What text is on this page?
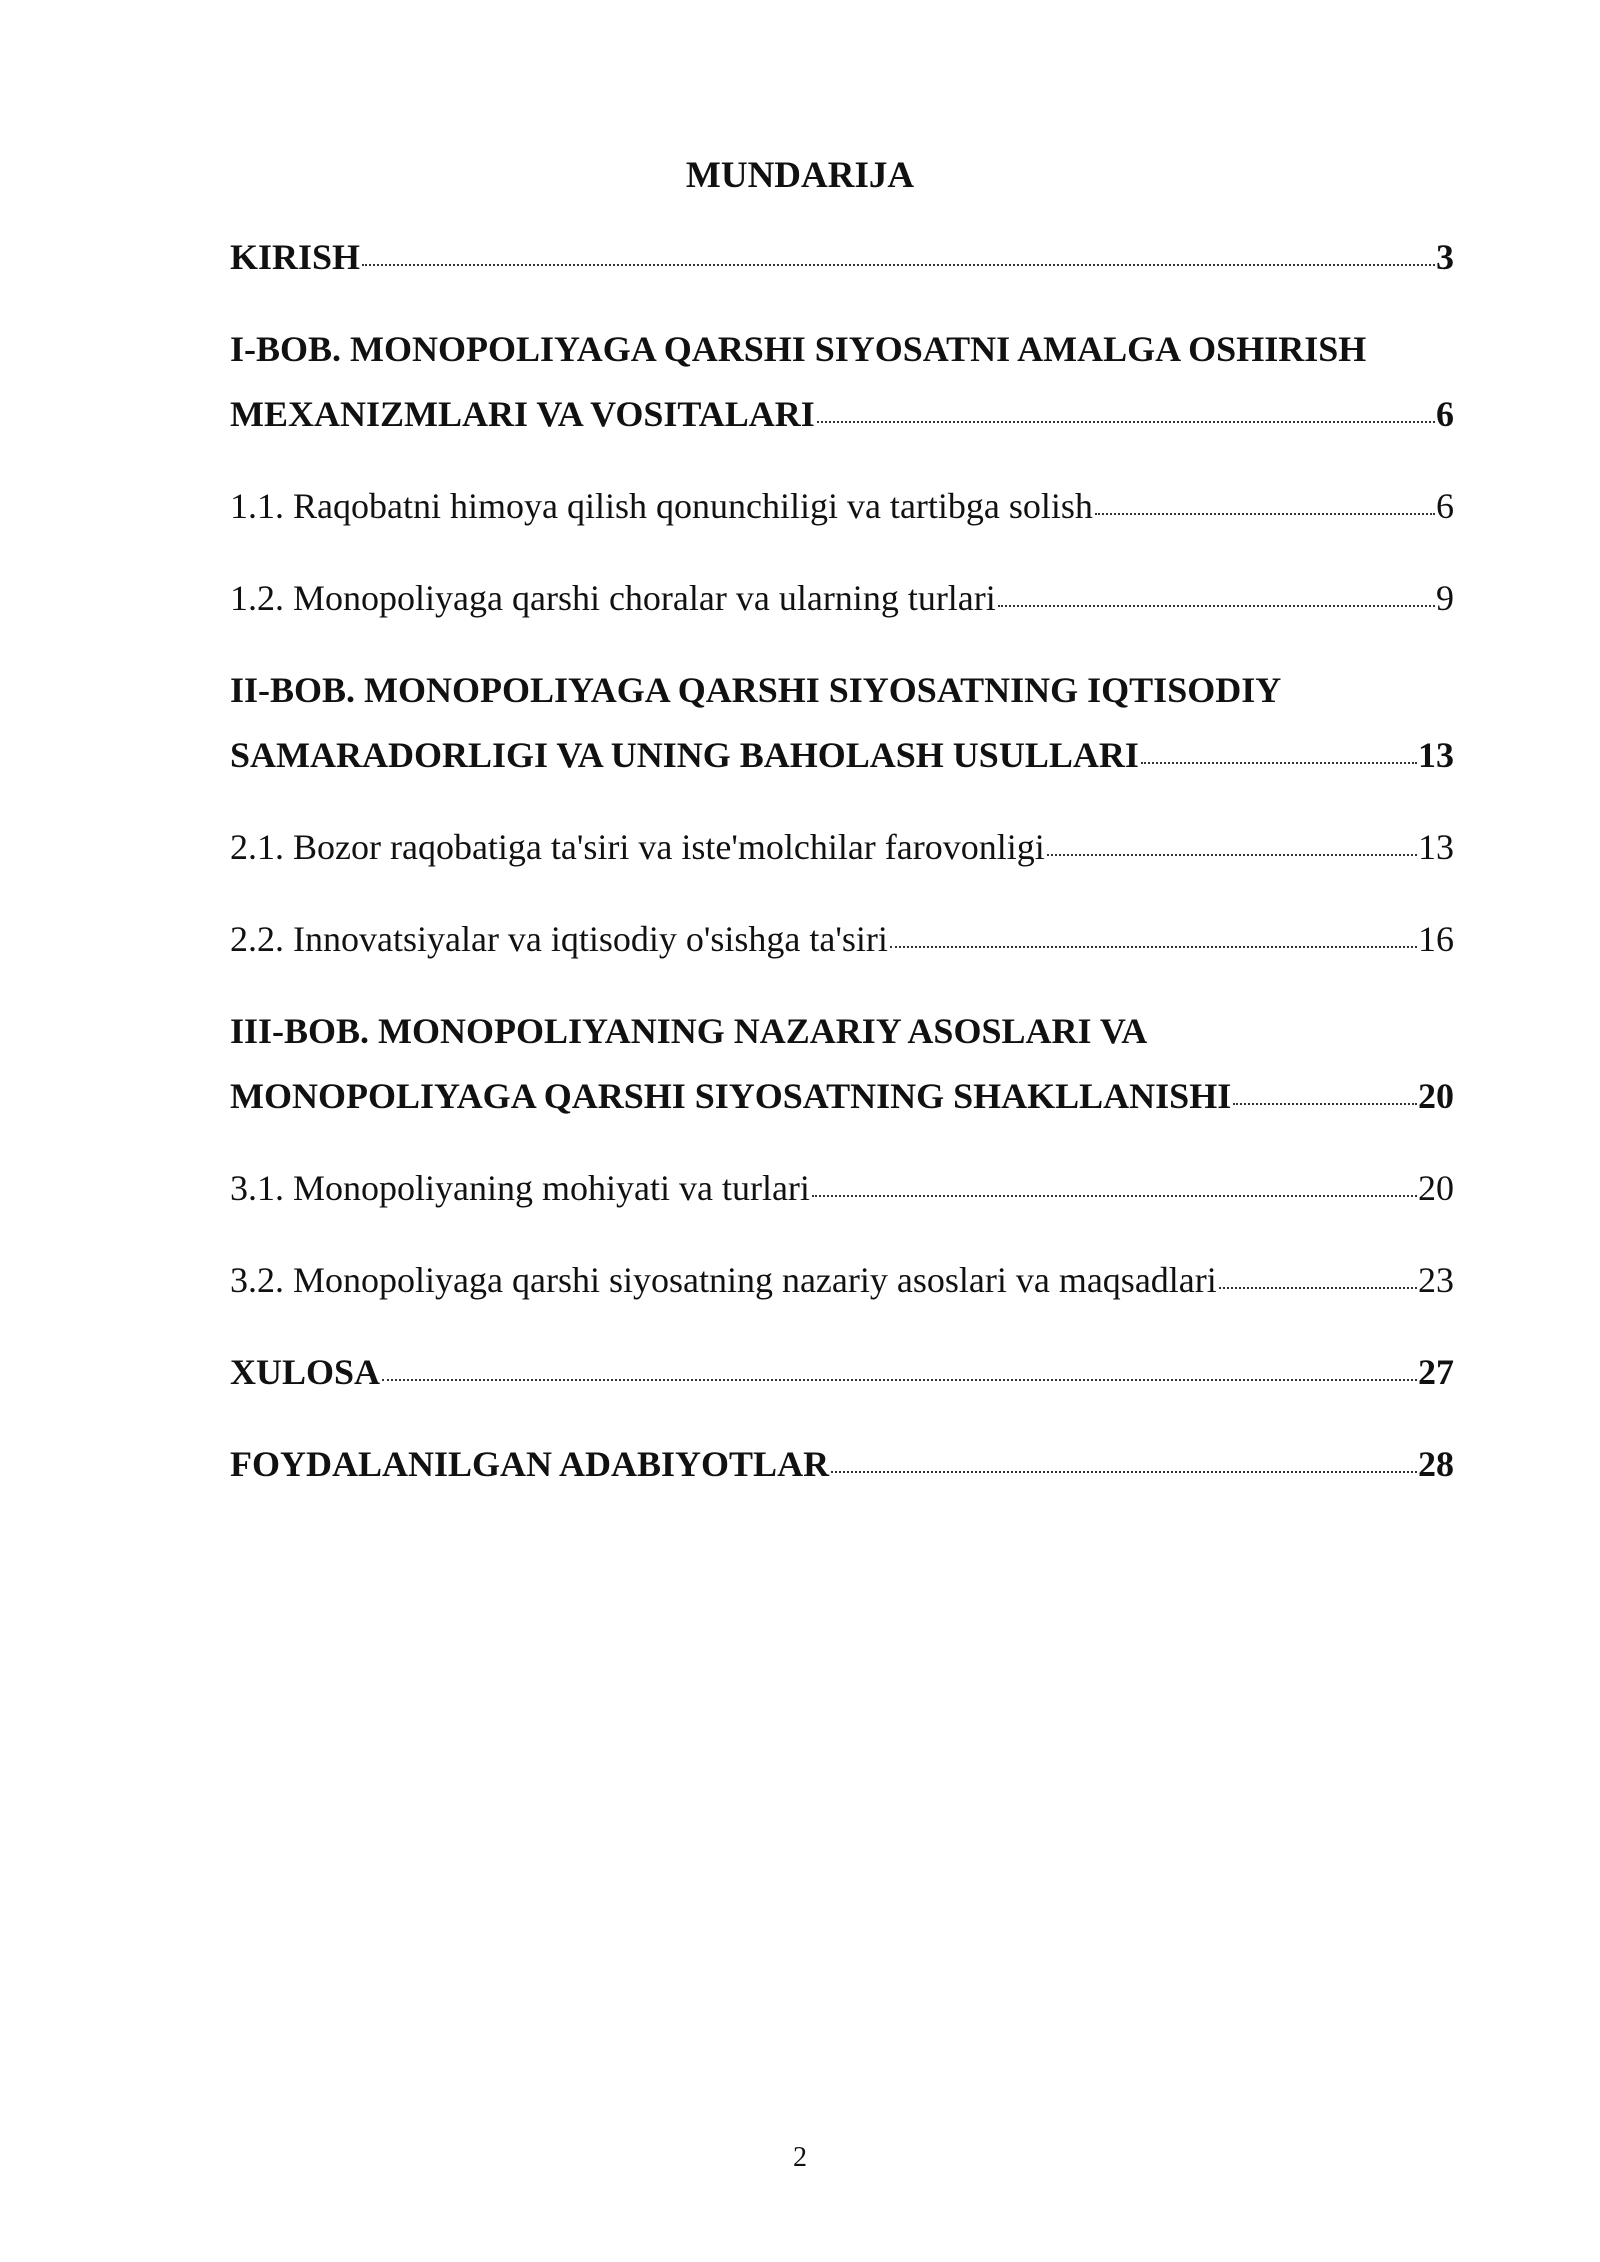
MUNDARIJA
KIRISH	3
I-BOB. MONOPOLIYAGA QARSHI SIYOSATNI AMALGA OSHIRISH
MEXANIZMLARI VA VOSITALARI	6
1.1. Raqobatni himoya qilish qonunchiligi va tartibga solish	6
1.2. Monopoliyaga qarshi choralar va ularning turlari	9
II-BOB. MONOPOLIYAGA QARSHI SIYOSATNING IQTISODIY
SAMARADORLIGI VA UNING BAHOLASH USULLARI	13
2.1. Bozor raqobatiga ta'siri va iste'molchilar farovonligi	13
2.2. Innovatsiyalar va iqtisodiy o'sishga ta'siri	16
III-BOB. MONOPOLIYANING NAZARIY ASOSLARI VA
MONOPOLIYAGA QARSHI SIYOSATNING SHAKLLANISHI	20
3.1. Monopoliyaning mohiyati va turlari	20
3.2. Monopoliyaga qarshi siyosatning nazariy asoslari va maqsadlari	23
XULOSA	27
FOYDALANILGAN ADABIYOTLAR	28
2
